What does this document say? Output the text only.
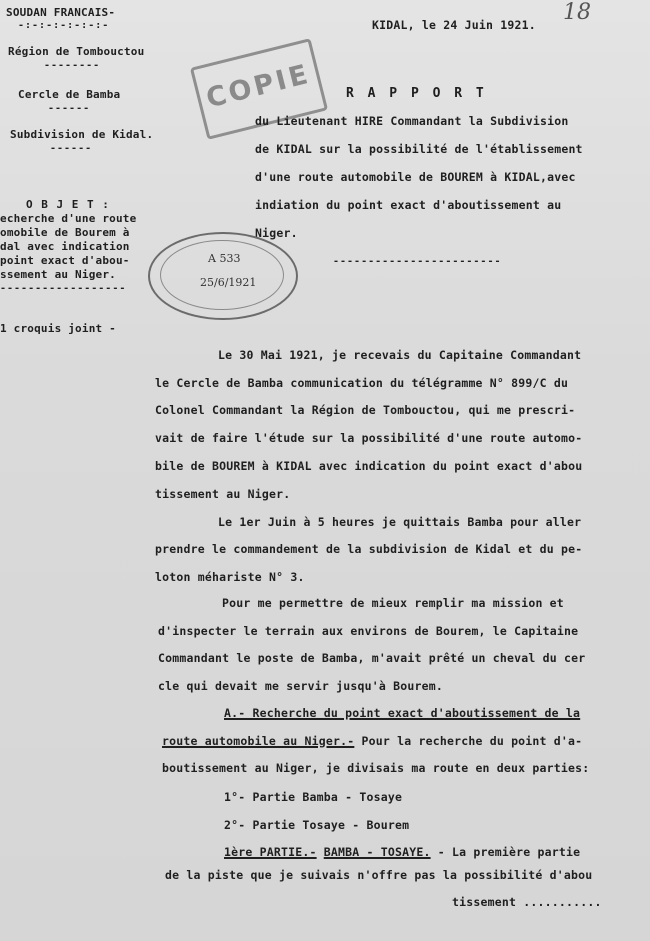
18
SOUDAN FRANCAIS-
-:-:-:-:-:-:-
Région de Tombouctou
--------
Cercle de Bamba
------
Subdivision de Kidal.
------
KIDAL, le 24 Juin 1921.
COPIE	R A P P O R T
du Lieutenant HIRE Commandant la Subdivision
de KIDAL sur la possibilité de l'établissement
d'une route automobile de BOUREM à KIDAL,avec
indiation du point exact d'aboutissement au
Niger.
------------------------
O B J E T :
echerche d'une route
omobile de Bourem à
dal avec indication
point exact d'abou-
ssement au Niger.
------------------
1 croquis joint -
A 533
25/6/1921
Le 30 Mai 1921, je recevais du Capitaine Commandant
le Cercle de Bamba communication du télégramme N° 899/C du
Colonel Commandant la Région de Tombouctou, qui me prescri-
vait de faire l'étude sur la possibilité d'une route automo-
bile de BOUREM à KIDAL avec indication du point exact d'abou
tissement au Niger.
Le 1er Juin à 5 heures je quittais Bamba pour aller
prendre le commandement de la subdivision de Kidal et du pe-
loton méhariste N° 3.
Pour me permettre de mieux remplir ma mission et
d'inspecter le terrain aux environs de Bourem, le Capitaine
Commandant le poste de Bamba, m'avait prêté un cheval du cer
cle qui devait me servir jusqu'à Bourem.
A.- Recherche du point exact d'aboutissement de la
route automobile au Niger.- Pour la recherche du point d'a-
boutissement au Niger, je divisais ma route en deux parties:
1°- Partie Bamba - Tosaye
2°- Partie Tosaye - Bourem
1ère PARTIE.- BAMBA - TOSAYE. - La première partie
de la piste que je suivais n'offre pas la possibilité d'abou
tissement ...........
